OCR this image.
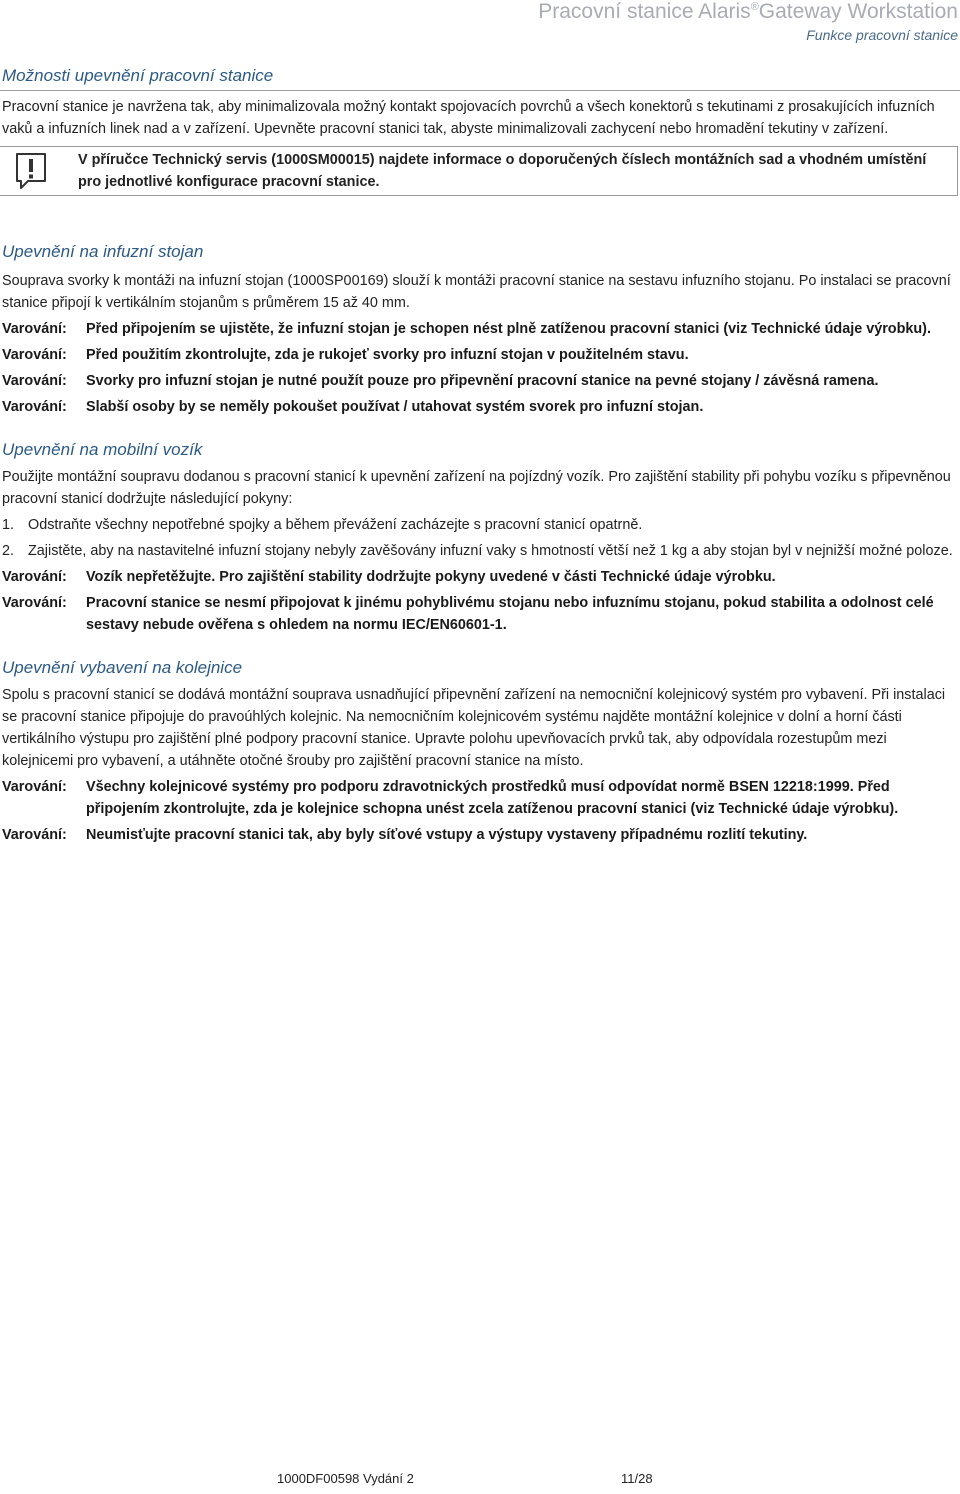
Pracovní stanice Alaris®Gateway Workstation
Funkce pracovní stanice
Možnosti upevnění pracovní stanice

Pracovní stanice je navržena tak, aby minimalizovala možný kontakt spojovacích povrchů a všech konektorů s tekutinami z prosakujících infuzních vaků a infuzních linek nad a v zařízení. Upevněte pracovní stanici tak, abyste minimalizovali zachycení nebo hromadění tekutiny v zařízení.

V příručce Technický servis (1000SM00015) najdete informace o doporučených číslech montážních sad a vhodném umístění pro jednotlivé konfigurace pracovní stanice.
Upevnění na infuzní stojan

Souprava svorky k montáži na infuzní stojan (1000SP00169) slouží k montáži pracovní stanice na sestavu infuzního stojanu. Po instalaci se pracovní stanice připojí k vertikálním stojanům s průměrem 15 až 40 mm.

Varování:	Před připojením se ujistěte, že infuzní stojan je schopen nést plně zatíženou pracovní stanici (viz Technické údaje výrobku).
Varování:	Před použitím zkontrolujte, zda je rukojeť svorky pro infuzní stojan v použitelném stavu.
Varování:	Svorky pro infuzní stojan je nutné použít pouze pro připevnění pracovní stanice na pevné stojany / závěsná ramena.
Varování:	Slabší osoby by se neměly pokoušet používat / utahovat systém svorek pro infuzní stojan.
Upevnění na mobilní vozík

Použijte montážní soupravu dodanou s pracovní stanicí k upevnění zařízení na pojízdný vozík. Pro zajištění stability při pohybu vozíku s připevněnou pracovní stanicí dodržujte následující pokyny:

1. Odstraňte všechny nepotřebné spojky a během převážení zacházejte s pracovní stanicí opatrně.
2. Zajistěte, aby na nastavitelné infuzní stojany nebyly zavěšovány infuzní vaky s hmotností větší než 1 kg a aby stojan byl v nejnižší možné poloze.
Varování:	Vozík nepřetěžujte. Pro zajištění stability dodržujte pokyny uvedené v části Technické údaje výrobku.
Varování:	Pracovní stanice se nesmí připojovat k jinému pohyblivému stojanu nebo infuznímu stojanu, pokud stabilita a odolnost celé sestavy nebude ověřena s ohledem na normu IEC/EN60601-1.
Upevnění vybavení na kolejnice

Spolu s pracovní stanicí se dodává montážní souprava usnadňující připevnění zařízení na nemocniční kolejnicový systém pro vybavení. Při instalaci se pracovní stanice připojuje do pravoúhlých kolejnic. Na nemocničním kolejnicovém systému najděte montážní kolejnice v dolní a horní části vertikálního výstupu pro zajištění plné podpory pracovní stanice. Upravte polohu upevňovacích prvků tak, aby odpovídala rozestupům mezi kolejnicemi pro vybavení, a utáhněte otočné šrouby pro zajištění pracovní stanice na místo.

Varování:	Všechny kolejnicové systémy pro podporu zdravotnických prostředků musí odpovídat normě BSEN 12218:1999. Před připojením zkontrolujte, zda je kolejnice schopna unést zcela zatíženou pracovní stanici (viz Technické údaje výrobku).
Varování:	Neumisťujte pracovní stanici tak, aby byly síťové vstupy a výstupy vystaveny případnému rozlití tekutiny.
1000DF00598 Vydání 2	11/28
